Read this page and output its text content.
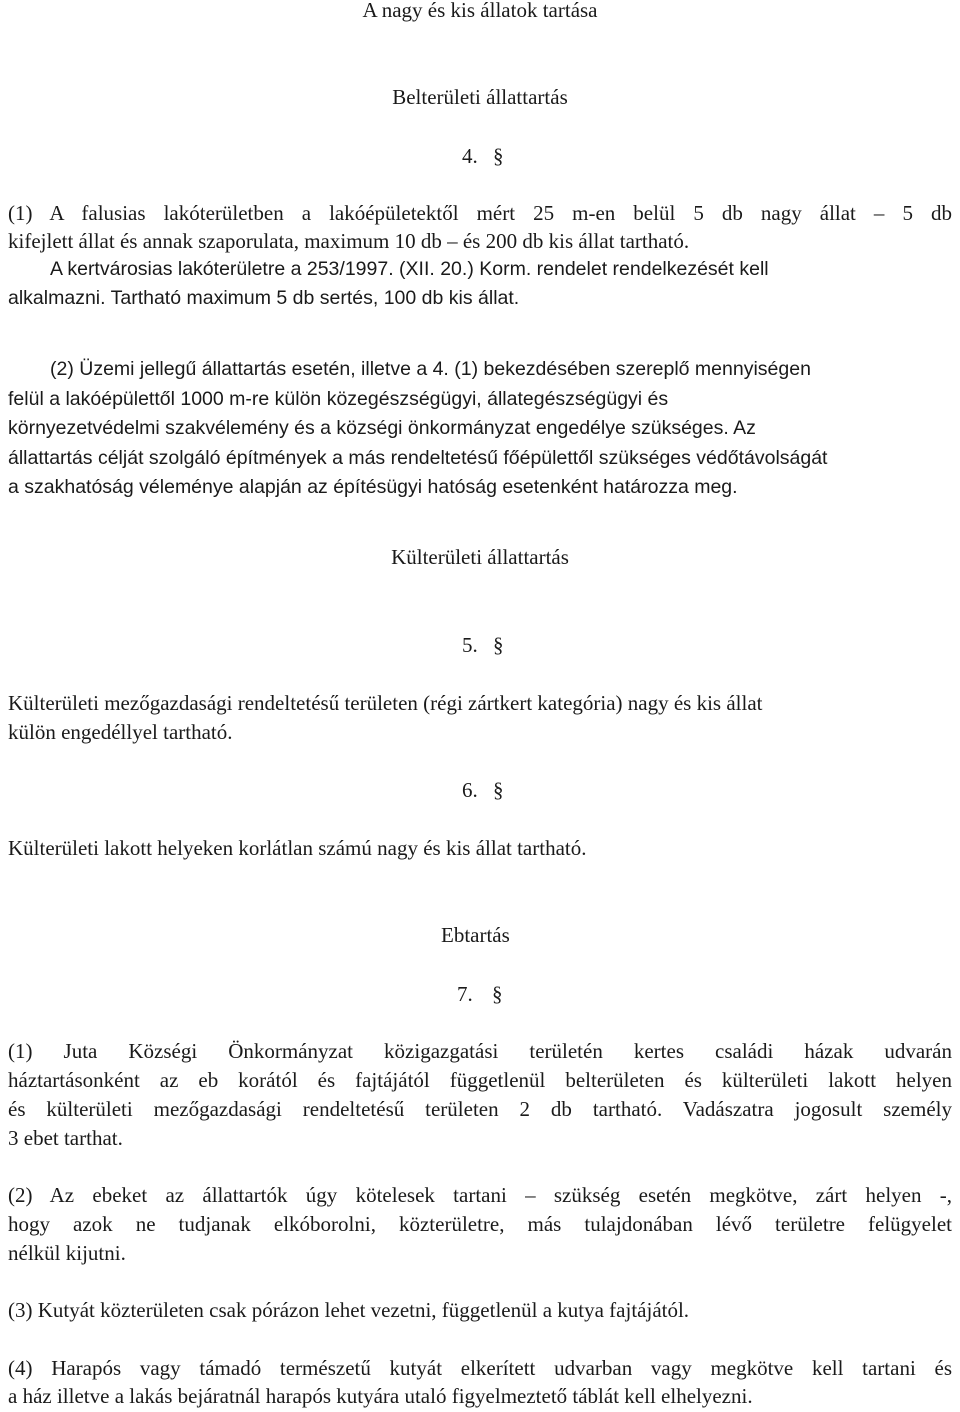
A nagy és kis állatok tartása
Belterületi állattartás
4. §
(1) A falusias lakóterületben a lakóépületektől mért 25 m-en belül 5 db nagy állat – 5 db
kifejlett állat és annak szaporulata, maximum 10 db – és 200 db kis állat tartható.
A kertvárosias lakóterületre a 253/1997. (XII. 20.) Korm. rendelet rendelkezését kell
alkalmazni. Tartható maximum 5 db sertés, 100 db kis állat.
(2) Üzemi jellegű állattartás esetén, illetve a 4. (1) bekezdésében szereplő mennyiségen
felül a lakóépülettől 1000 m-re külön közegészségügyi, állategészségügyi és
környezetvédelmi szakvélemény és a községi önkormányzat engedélye szükséges. Az
állattartás célját szolgáló építmények a más rendeltetésű főépülettől szükséges védőtávolságát
a szakhatóság véleménye alapján az építésügyi hatóság esetenként határozza meg.
Külterületi állattartás
5. §
Külterületi mezőgazdasági rendeltetésű területen (régi zártkert kategória) nagy és kis állat
külön engedéllyel tartható.
6. §
Külterületi lakott helyeken korlátlan számú nagy és kis állat tartható.
Ebtartás
7. §
(1) Juta Községi Önkormányzat közigazgatási területén kertes családi házak udvarán
háztartásonként az eb korától és fajtájától függetlenül belterületen és külterületi lakott helyen
és külterületi mezőgazdasági rendeltetésű területen 2 db tartható. Vadászatra jogosult személy
3 ebet tarthat.
(2) Az ebeket az állattartók úgy kötelesek tartani – szükség esetén megkötve, zárt helyen -,
hogy azok ne tudjanak elkóborolni, közterületre, más tulajdonában lévő területre felügyelet
nélkül kijutni.
(3) Kutyát közterületen csak pórázon lehet vezetni, függetlenül a kutya fajtájától.
(4) Harapós vagy támadó természetű kutyát elkerített udvarban vagy megkötve kell tartani és
a ház illetve a lakás bejáratnál harapós kutyára utaló figyelmeztető táblát kell elhelyezni.
